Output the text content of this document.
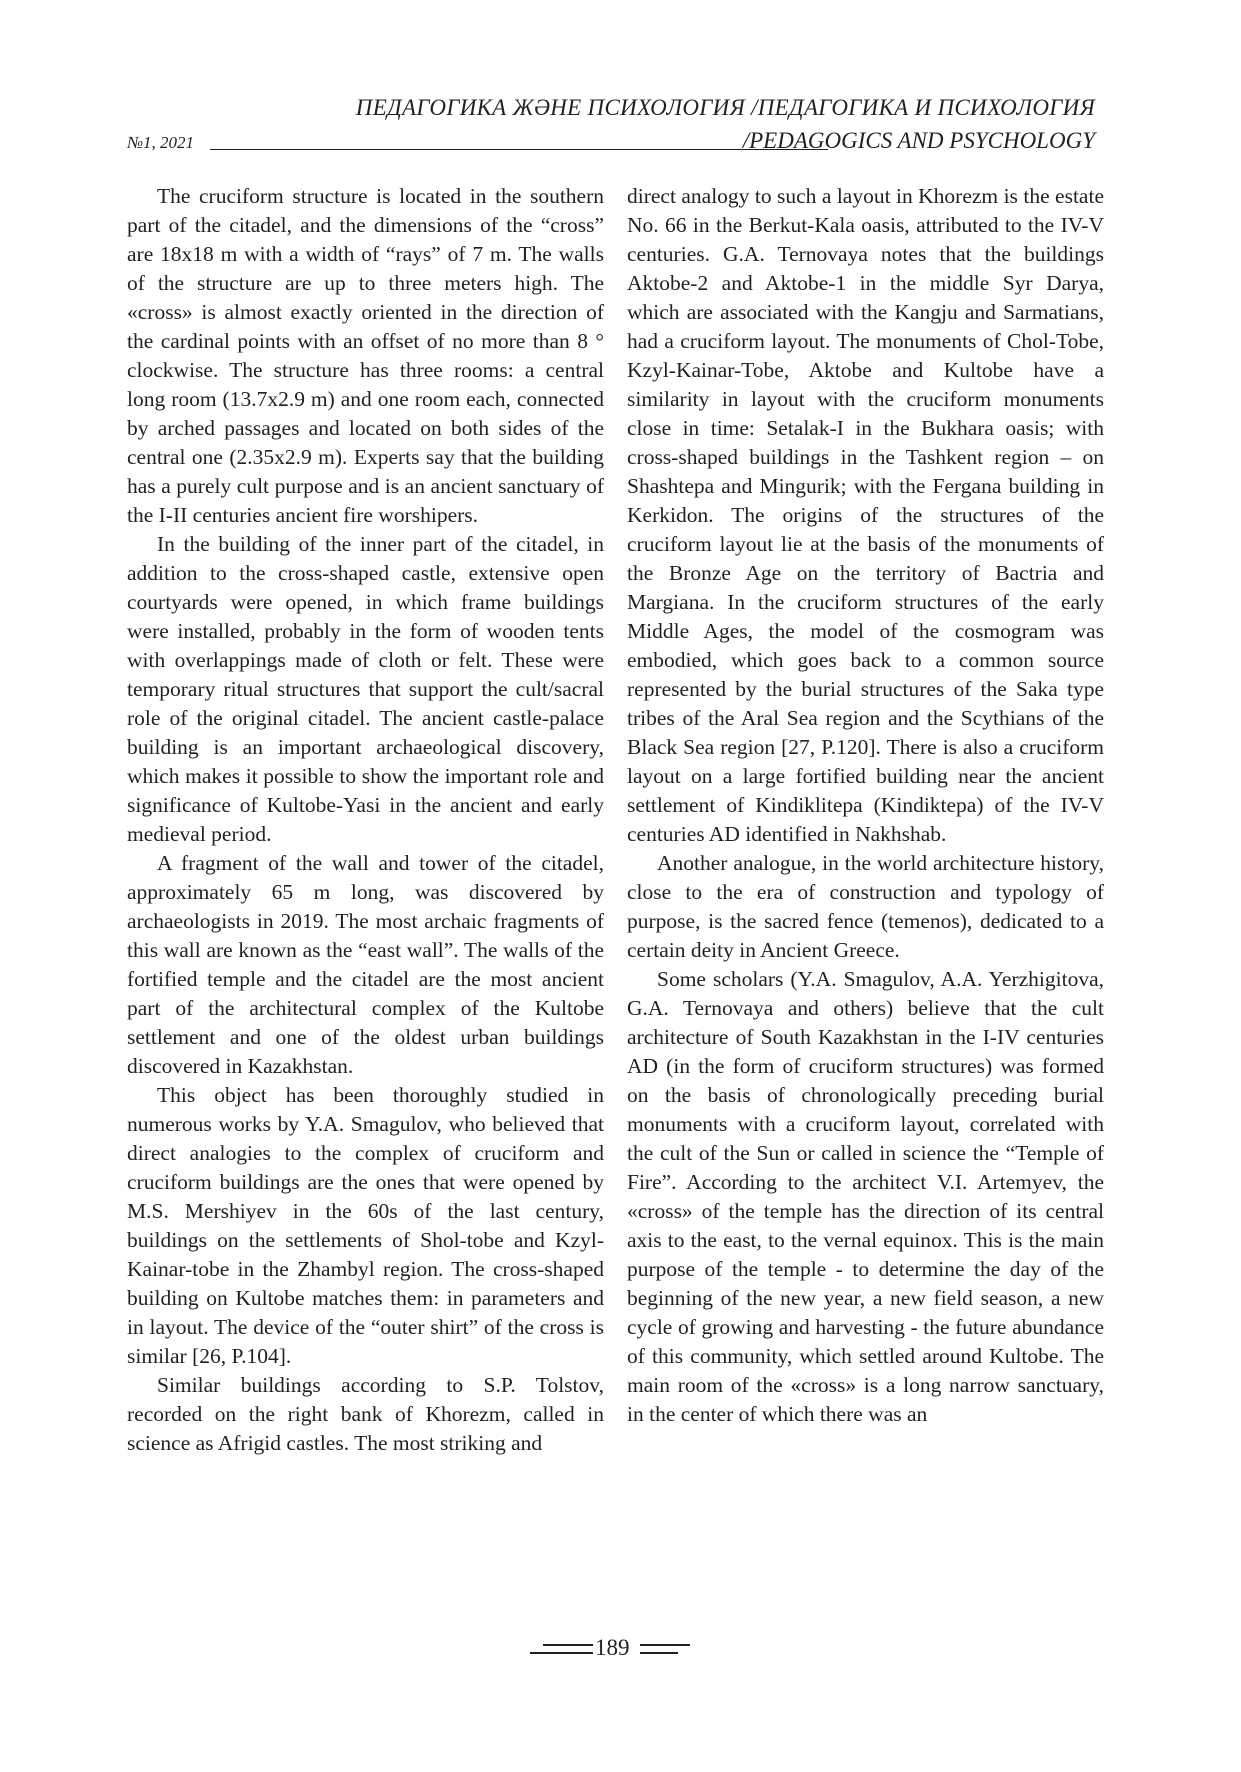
ПЕДАГОГИКА ЖӘНЕ ПСИХОЛОГИЯ /ПЕДАГОГИКА И ПСИХОЛОГИЯ
№1, 2021	/PEDAGOGICS AND PSYCHOLOGY

The cruciform structure is located in the southern part of the citadel, and the dimensions of the “cross” are 18x18 m with a width of “rays” of 7 m. The walls of the structure are up to three meters high. The «cross» is almost exactly oriented in the direction of the cardinal points with an offset of no more than 8 ° clockwise. The structure has three rooms: a central long room (13.7x2.9 m) and one room each, connected by arched passages and located on both sides of the central one (2.35x2.9 m). Experts say that the building has a purely cult purpose and is an ancient sanctuary of the I-II centuries ancient fire worshipers.

In the building of the inner part of the citadel, in addition to the cross-shaped castle, extensive open courtyards were opened, in which frame buildings were installed, probably in the form of wooden tents with overlappings made of cloth or felt. These were temporary ritual structures that support the cult/sacral role of the original citadel. The ancient castle-palace building is an important archaeological discovery, which makes it possible to show the important role and significance of Kultobe-Yasi in the ancient and early medieval period.

A fragment of the wall and tower of the citadel, approximately 65 m long, was discovered by archaeologists in 2019. The most archaic fragments of this wall are known as the “east wall”. The walls of the fortified temple and the citadel are the most ancient part of the architectural complex of the Kultobe settlement and one of the oldest urban buildings discovered in Kazakhstan.

This object has been thoroughly studied in numerous works by Y.A. Smagulov, who believed that direct analogies to the complex of cruciform and cruciform buildings are the ones that were opened by M.S. Mershiyev in the 60s of the last century, buildings on the settlements of Shol-tobe and Kzyl-Kainar-tobe in the Zhambyl region. The cross-shaped building on Kultobe matches them: in parameters and in layout. The device of the “outer shirt” of the cross is similar [26, P.104].

Similar buildings according to S.P. Tolstov, recorded on the right bank of Khorezm, called in science as Afrigid castles. The most striking and

direct analogy to such a layout in Khorezm is the estate No. 66 in the Berkut-Kala oasis, attributed to the IV-V centuries. G.A. Ternovaya notes that the buildings Aktobe-2 and Aktobe-1 in the middle Syr Darya, which are associated with the Kangju and Sarmatians, had a cruciform layout. The monuments of Chol-Tobe, Kzyl-Kainar-Tobe, Aktobe and Kultobe have a similarity in layout with the cruciform monuments close in time: Setalak-I in the Bukhara oasis; with cross-shaped buildings in the Tashkent region – on Shashtepa and Mingurik; with the Fergana building in Kerkidon. The origins of the structures of the cruciform layout lie at the basis of the monuments of the Bronze Age on the territory of Bactria and Margiana. In the cruciform structures of the early Middle Ages, the model of the cosmogram was embodied, which goes back to a common source represented by the burial structures of the Saka type tribes of the Aral Sea region and the Scythians of the Black Sea region [27, P.120]. There is also a cruciform layout on a large fortified building near the ancient settlement of Kindiklitepa (Kindiktepa) of the IV-V centuries AD identified in Nakhshab.

Another analogue, in the world architecture history, close to the era of construction and typology of purpose, is the sacred fence (temenos), dedicated to a certain deity in Ancient Greece.

Some scholars (Y.A. Smagulov, A.A. Yerzhigitova, G.A. Ternovaya and others) believe that the cult architecture of South Kazakhstan in the I-IV centuries AD (in the form of cruciform structures) was formed on the basis of chronologically preceding burial monuments with a cruciform layout, correlated with the cult of the Sun or called in science the “Temple of Fire”. According to the architect V.I. Artemyev, the «cross» of the temple has the direction of its central axis to the east, to the vernal equinox. This is the main purpose of the temple - to determine the day of the beginning of the new year, a new field season, a new cycle of growing and harvesting - the future abundance of this community, which settled around Kultobe. The main room of the «cross» is a long narrow sanctuary, in the center of which there was an

189
